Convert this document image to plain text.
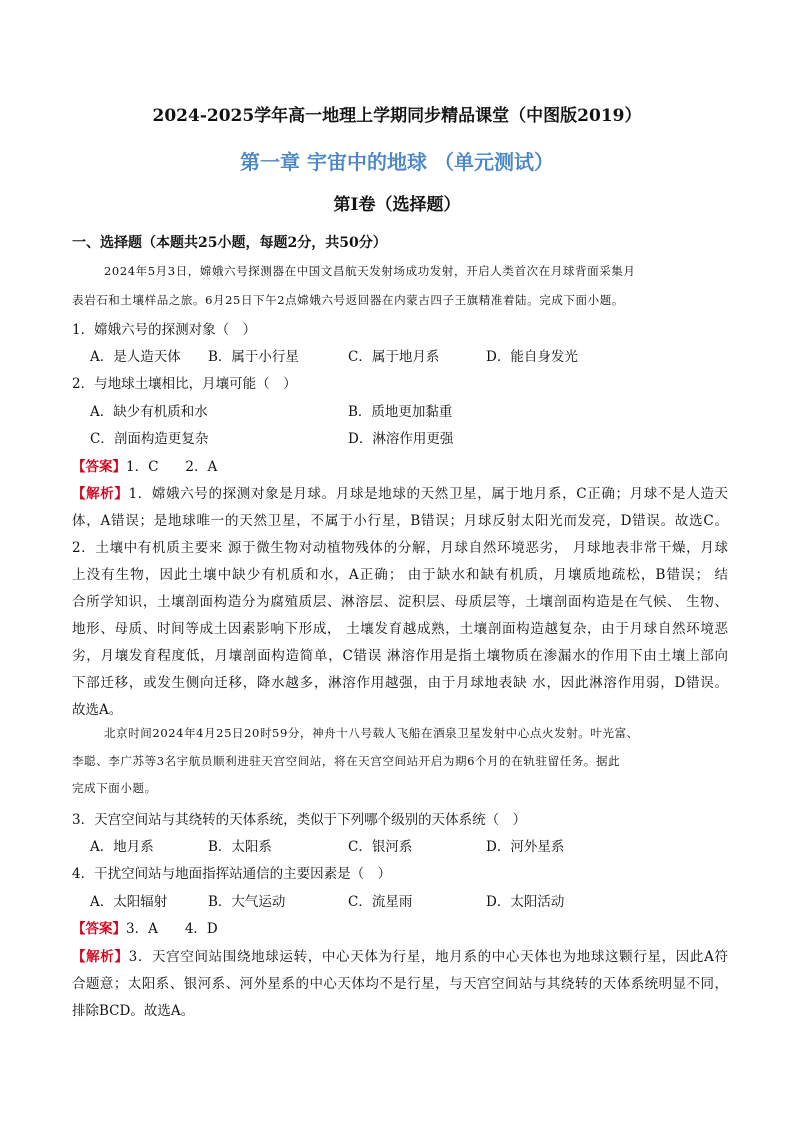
2024-2025学年高一地理上学期同步精品课堂（中图版2019）
第一章 宇宙中的地球 （单元测试）
第Ⅰ卷（选择题）
一、选择题（本题共25小题，每题2分，共50分）
2024年5月3日，嫦娥六号探测器在中国文昌航天发射场成功发射，开启人类首次在月球背面采集月
表岩石和土壤样品之旅。6月25日下午2点嫦娥六号返回器在内蒙古四子王旗精准着陆。完成下面小题。
1．嫦娥六号的探测对象（　）
A．是人造天体 B．属于小行星	C．属于地月系	D．能自身发光
2．与地球土壤相比，月壤可能（　）
A．缺少有机质和水	B．质地更加黏重
C．剖面构造更复杂	D．淋溶作用更强
【答案】1．C　　2．A
【解析】1．嫦娥六号的探测对象是月球。月球是地球的天然卫星，属于地月系，C正确；月球不是人造天
体，A错误；是地球唯一的天然卫星，不属于小行星，B错误；月球反射太阳光而发亮，D错误。故选C。
2．土壤中有机质主要来 源于微生物对动植物残体的分解，月球自然环境恶劣， 月球地表非常干燥，月球
上没有生物，因此土壤中缺少有机质和水，A正确； 由于缺水和缺有机质，月壤质地疏松，B错误； 结
合所学知识，土壤剖面构造分为腐殖质层、淋溶层、淀积层、母质层等，土壤剖面构造是在气候、 生物、
地形、母质、时间等成土因素影响下形成， 土壤发育越成熟，土壤剖面构造越复杂，由于月球自然环境恶
劣，月壤发育程度低，月壤剖面构造简单，C错误 淋溶作用是指土壤物质在渗漏水的作用下由土壤上部向
下部迁移，或发生侧向迁移，降水越多，淋溶作用越强，由于月球地表缺 水，因此淋溶作用弱，D错误。
故选A。
北京时间2024年4月25日20时59分，神舟十八号载人飞船在酒泉卫星发射中心点火发射。叶光富、
李聪、李广苏等3名宇航员顺利进驻天宫空间站，将在天宫空间站开启为期6个月的在轨驻留任务。据此
完成下面小题。
3．天宫空间站与其绕转的天体系统，类似于下列哪个级别的天体系统（　）
A．地月系	B．太阳系	C．银河系	D．河外星系
4．干扰空间站与地面指挥站通信的主要因素是（　）
A．太阳辐射	B．大气运动	C．流星雨	D．太阳活动
【答案】3．A　　4．D
【解析】3．天宫空间站围绕地球运转，中心天体为行星，地月系的中心天体也为地球这颗行星，因此A符
合题意；太阳系、银河系、河外星系的中心天体均不是行星，与天宫空间站与其绕转的天体系统明显不同，
排除BCD。故选A。
